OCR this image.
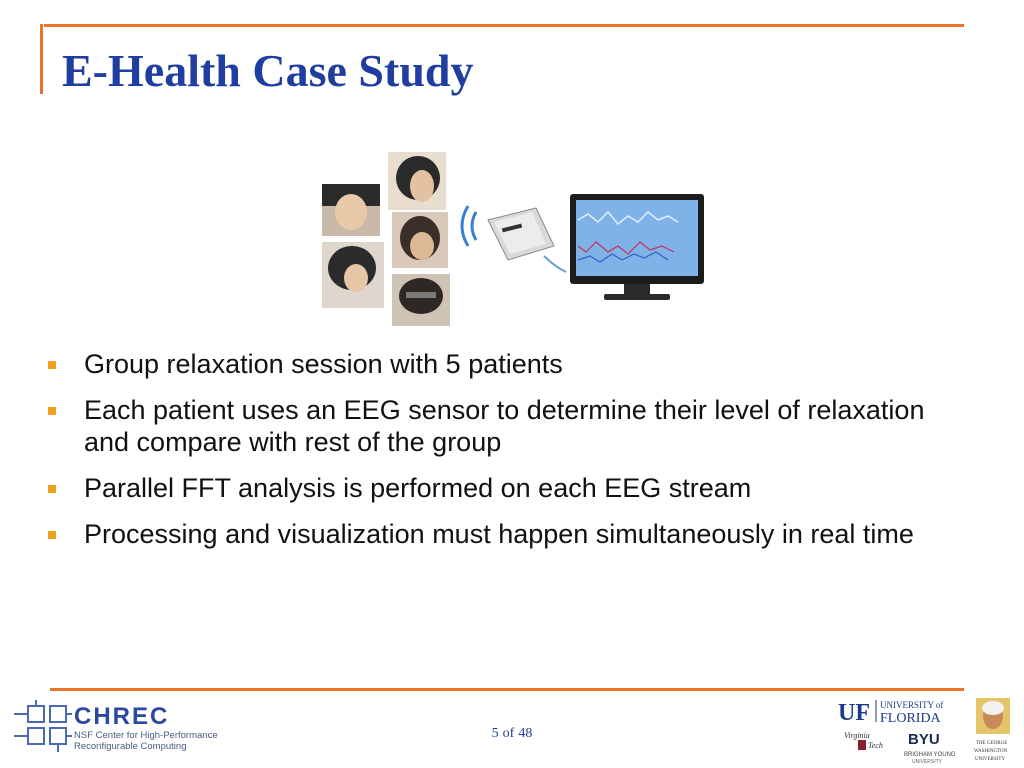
E-Health Case Study
Group relaxation session with 5 patients
Each patient uses an EEG sensor to determine their level of relaxation and compare with rest of the group
Parallel FFT analysis is performed on each EEG stream
Processing and visualization must happen simultaneously in real time
CHREC
NSF Center for High-Performance
Reconfigurable Computing
5 of 48
UF UNIVERSITY of
FLORIDA
Virginia
Tech BYU
BRIGHAM YOUNG
UNIVERSITY
THE GEORGE
WASHINGTON
UNIVERSITY
